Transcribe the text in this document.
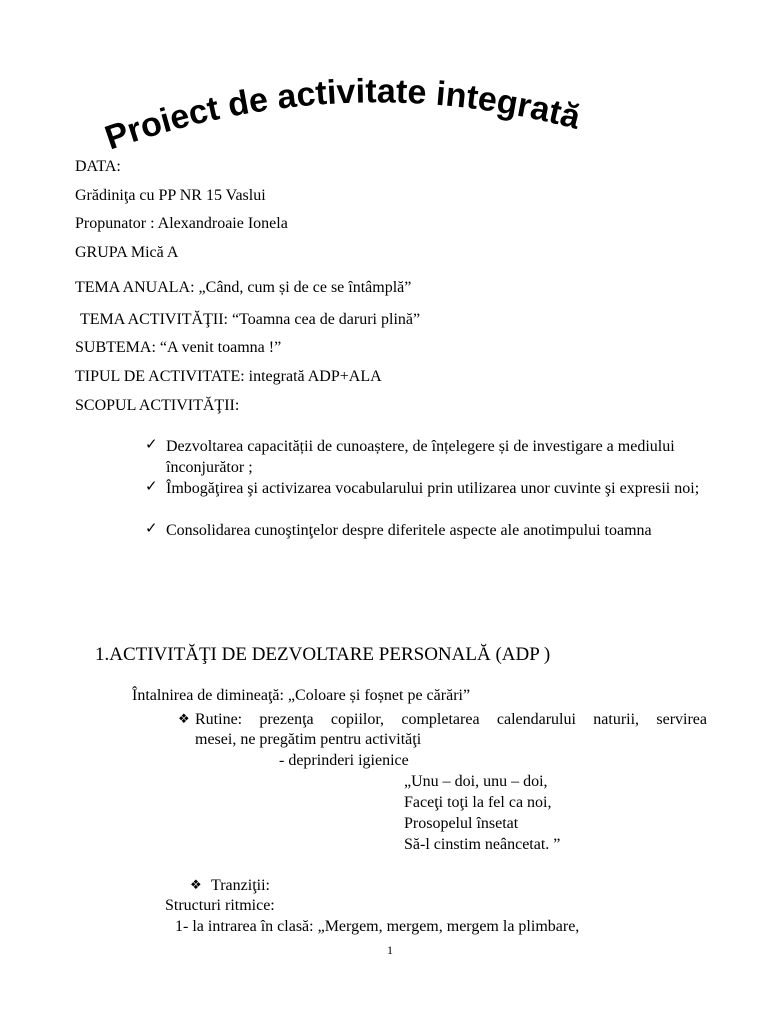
Proiect de activitate integrată
DATA:
Grădiniţa cu PP NR 15 Vaslui
Propunator : Alexandroaie Ionela
GRUPA Mică A
TEMA ANUALA: „Când, cum și de ce se întâmplă”
TEMA ACTIVITĂŢII: “Toamna cea de daruri plină”
SUBTEMA: “A venit toamna !”
TIPUL DE ACTIVITATE: integrată ADP+ALA
SCOPUL ACTIVITĂŢII:
✓ Dezvoltarea capacității de cunoaștere, de înțelegere și de investigare a mediului înconjurător ;
✓ Îmbogăţirea şi activizarea vocabularului prin utilizarea unor cuvinte şi expresii noi;
✓ Consolidarea cunoştinţelor despre diferitele aspecte ale anotimpului toamna
1.ACTIVITĂŢI DE DEZVOLTARE PERSONALĂ (ADP )
Întalnirea de dimineaţă: „Coloare și foșnet pe cărări”
❖ Rutine: prezenţa copiilor, completarea calendarului naturii, servirea
mesei, ne pregătim pentru activităţi
- deprinderi igienice
„Unu – doi, unu – doi,
Faceţi toţi la fel ca noi,
Prosopelul însetat
Să-l cinstim neâncetat. ”
❖ Tranziţii:
Structuri ritmice:
1- la intrarea în clasă: „Mergem, mergem, mergem la plimbare,
1
